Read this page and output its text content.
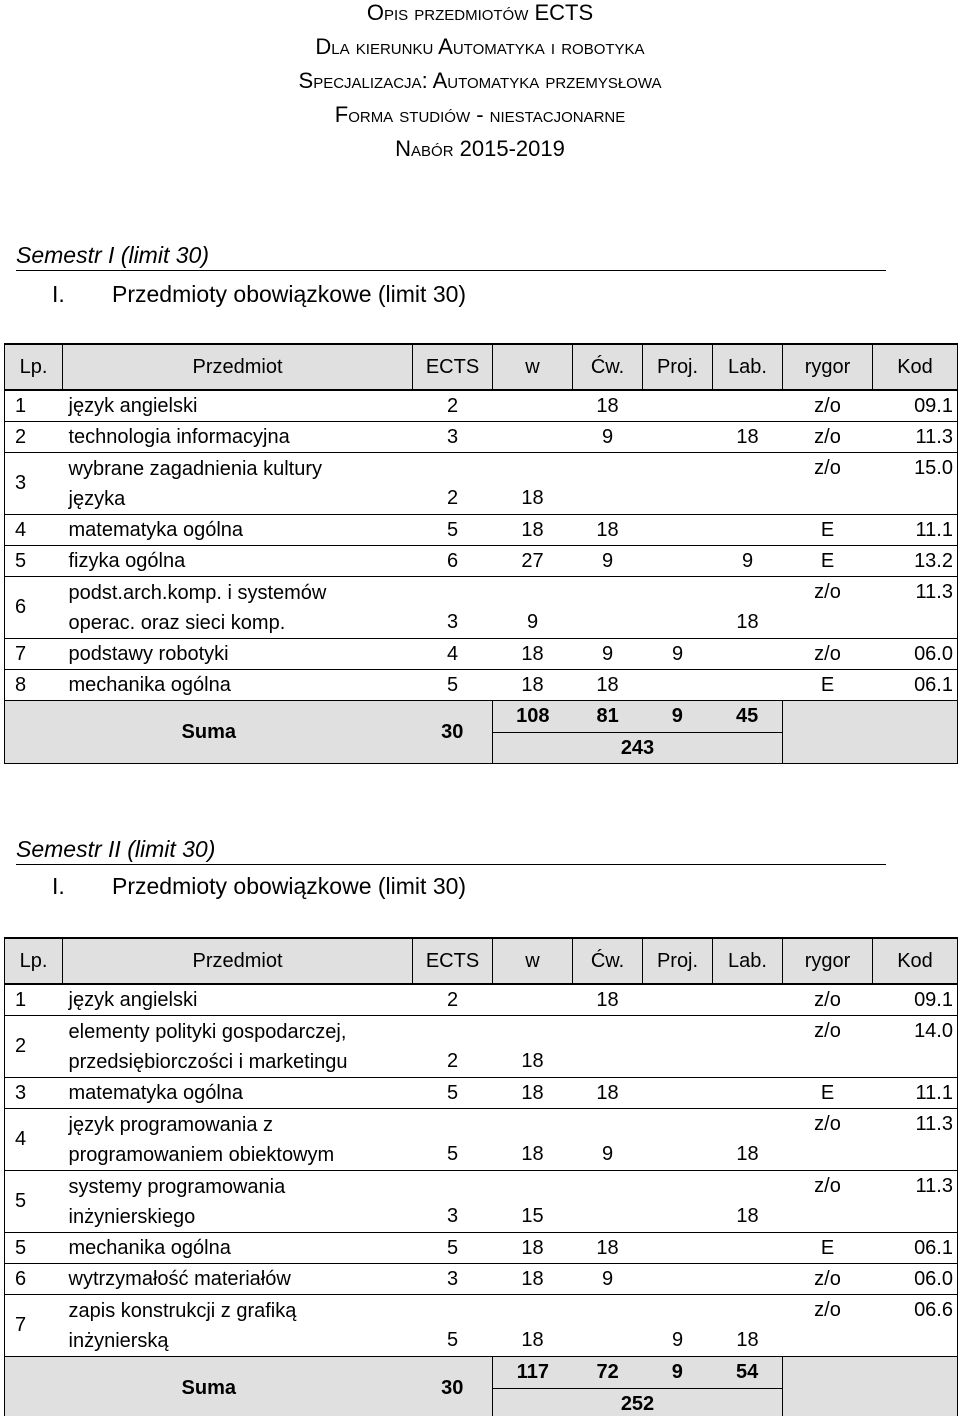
Opis przedmiotów ECTS
Dla kierunku Automatyka i robotyka
Specjalizacja: Automatyka przemysłowa
Forma studiów - niestacjonarne
Nabór 2015-2019
Semestr I (limit 30)
I. Przedmioty obowiązkowe (limit 30)
Lp.	Przedmiot	ECTS	w	Ćw.	Proj.	Lab.	rygor	Kod
1	język angielski	2		18			z/o	09.1
2	technologia informacyjna	3		9		18	z/o	11.3
3	wybrane zagadnienia kultury
języka	2	18				z/o	15.0
4	matematyka ogólna	5	18	18			E	11.1
5	fizyka ogólna	6	27	9		9	E	13.2
6	podst.arch.komp. i systemów
operac. oraz sieci komp.	3	9			18	z/o	11.3
7	podstawy robotyki	4	18	9	9		z/o	06.0
8	mechanika ogólna	5	18	18			E	06.1
Suma		30	108 81 9 45
243					

Semestr II (limit 30)
I. Przedmioty obowiązkowe (limit 30)
Lp.	Przedmiot	ECTS	w	Ćw.	Proj.	Lab.	rygor	Kod
1	język angielski	2		18			z/o	09.1
2	elementy polityki gospodarczej,
przedsiębiorczości i marketingu	2	18				z/o	14.0
3	matematyka ogólna	5	18	18			E	11.1
4	język programowania z
programowaniem obiektowym	5	18	9		18	z/o	11.3
5	systemy programowania
inżynierskiego	3	15			18	z/o	11.3
5	mechanika ogólna	5	18	18			E	06.1
6	wytrzymałość materiałów	3	18	9			z/o	06.0
7	zapis konstrukcji z grafiką
inżynierską	5	18		9	18	z/o	06.6
Suma		30	117 72 9 54
252					
